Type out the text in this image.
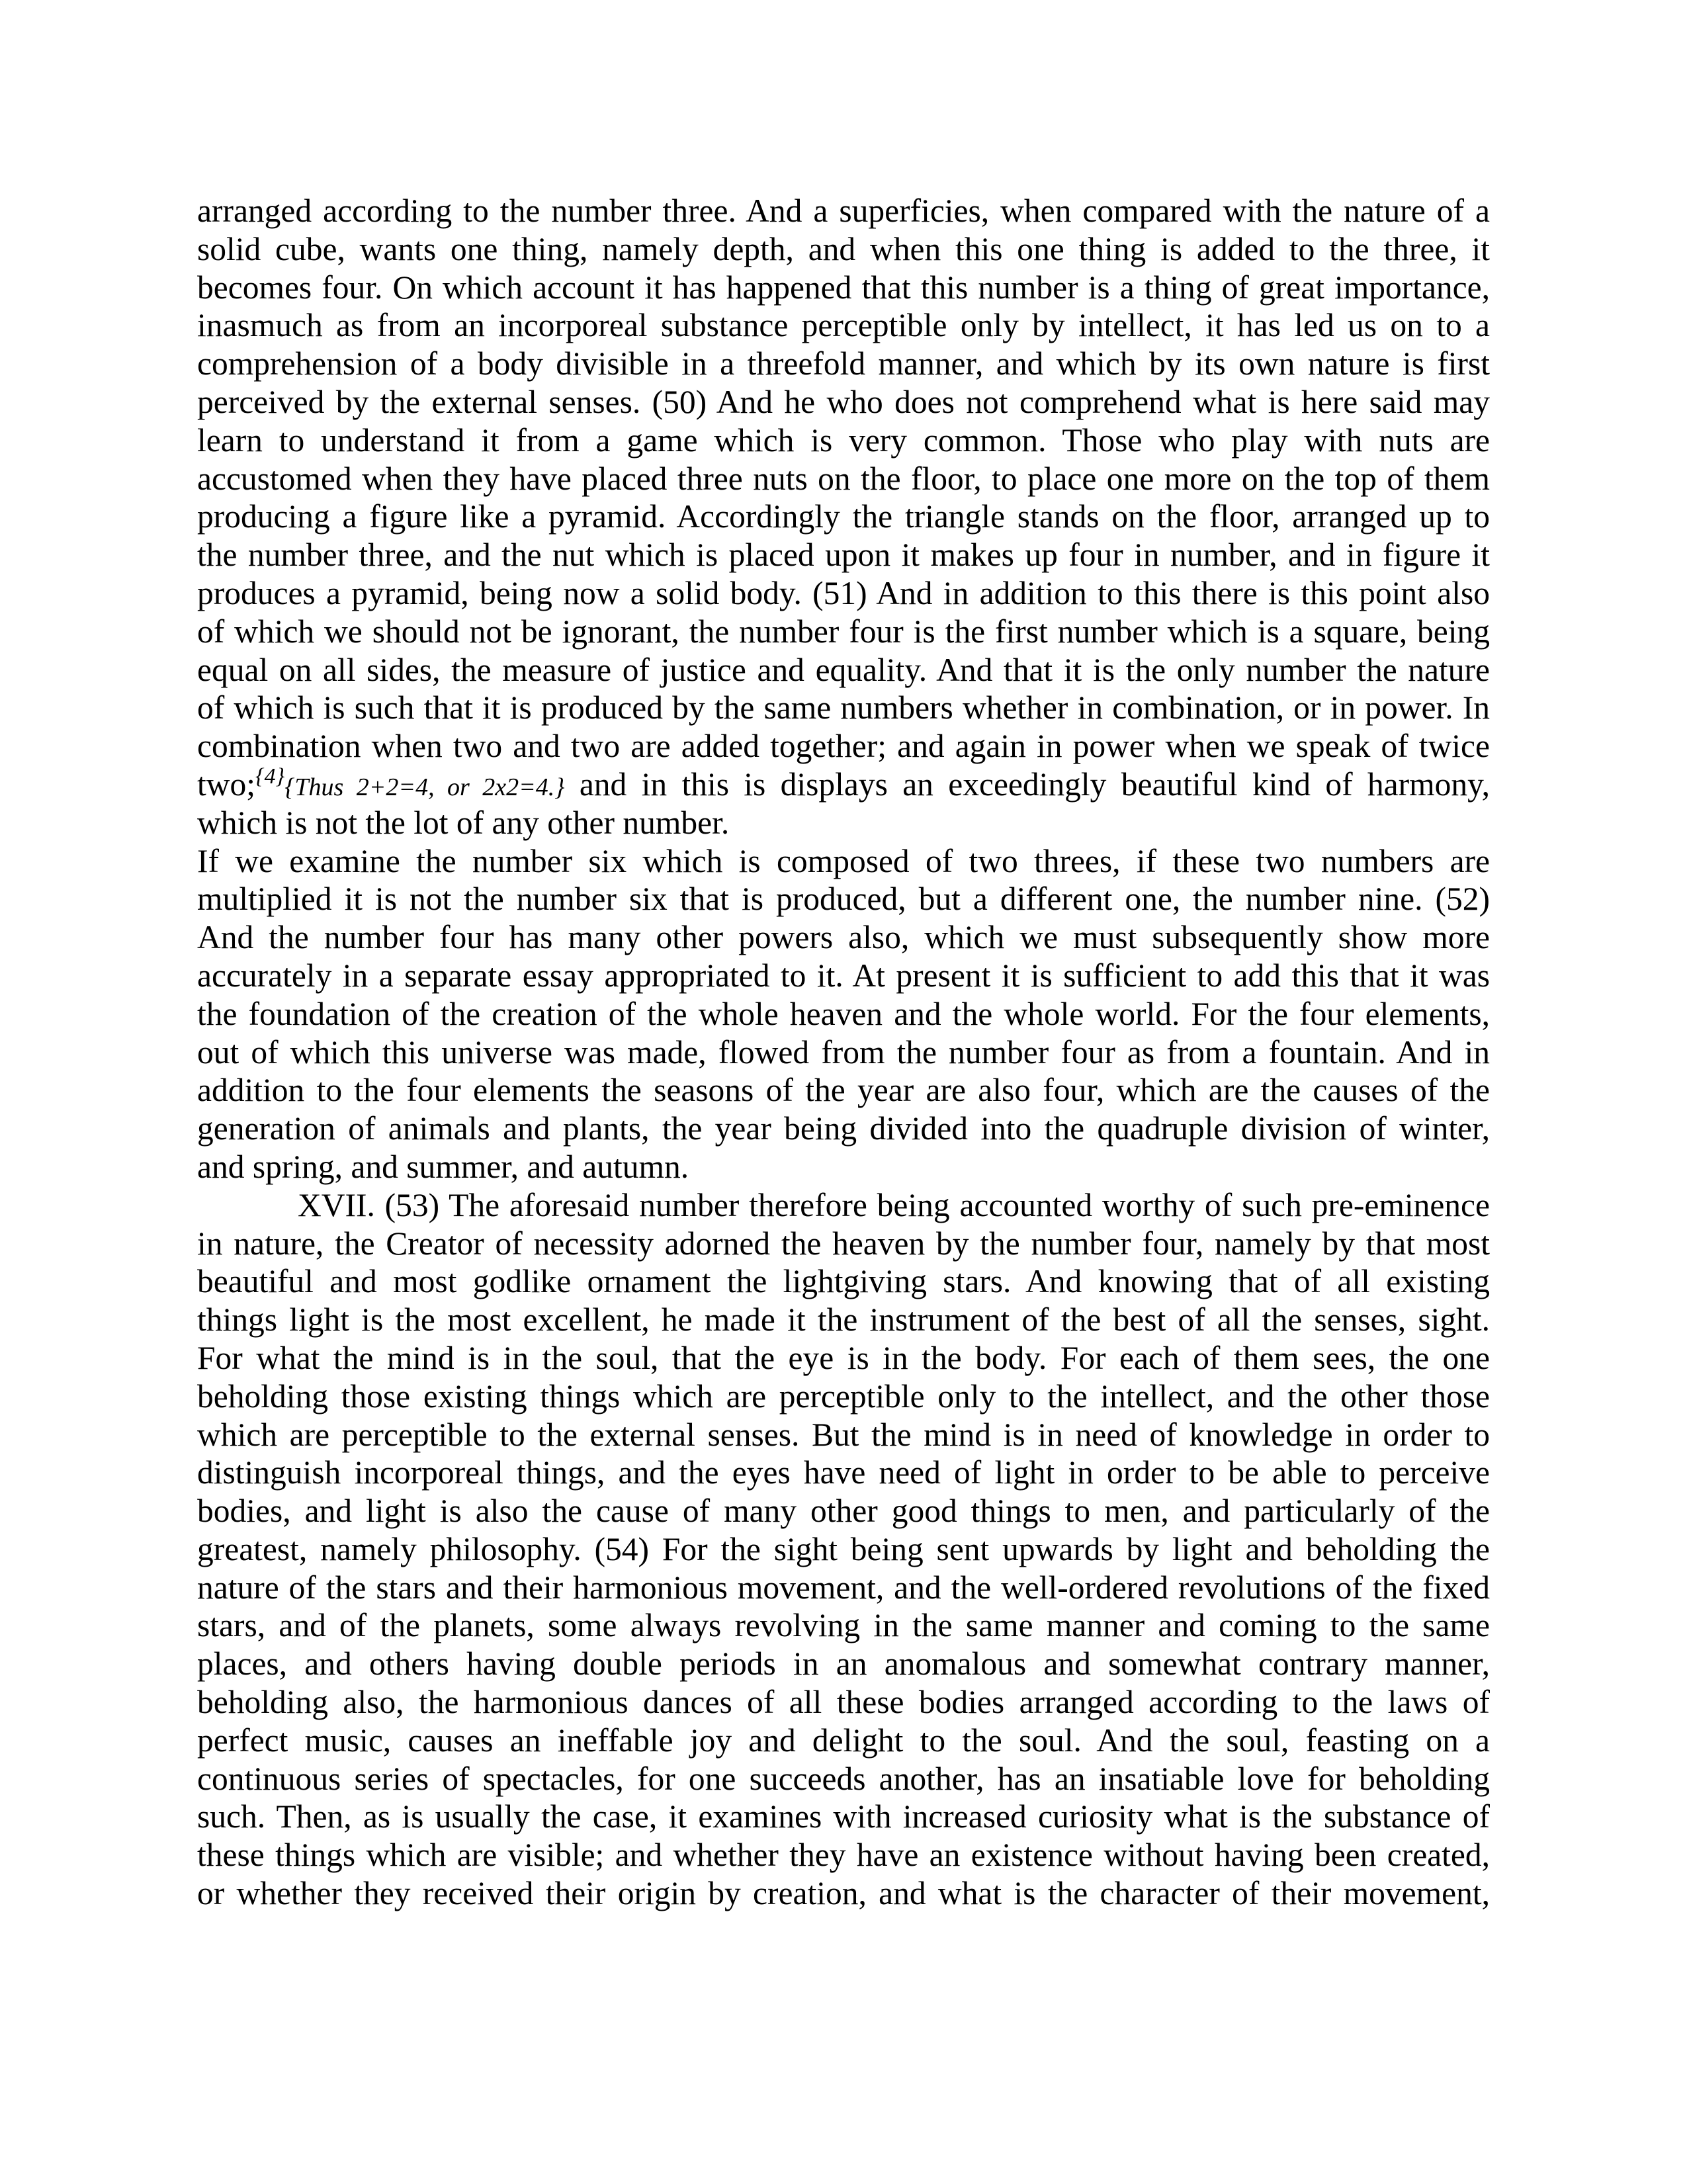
arranged according to the number three. And a superficies, when compared with the nature of a
solid cube, wants one thing, namely depth, and when this one thing is added to the three, it
becomes four. On which account it has happened that this number is a thing of great importance,
inasmuch as from an incorporeal substance perceptible only by intellect, it has led us on to a
comprehension of a body divisible in a threefold manner, and which by its own nature is first
perceived by the external senses. (50) And he who does not comprehend what is here said may
learn to understand it from a game which is very common. Those who play with nuts are
accustomed when they have placed three nuts on the floor, to place one more on the top of them
producing a figure like a pyramid. Accordingly the triangle stands on the floor, arranged up to
the number three, and the nut which is placed upon it makes up four in number, and in figure it
produces a pyramid, being now a solid body. (51) And in addition to this there is this point also
of which we should not be ignorant, the number four is the first number which is a square, being
equal on all sides, the measure of justice and equality. And that it is the only number the nature
of which is such that it is produced by the same numbers whether in combination, or in power. In
combination when two and two are added together; and again in power when we speak of twice
two;$^{\{4\}}${Thus 2+2=4, or 2x2=4.} and in this is displays an exceedingly beautiful kind of harmony,
which is not the lot of any other number.
If we examine the number six which is composed of two threes, if these two numbers are
multiplied it is not the number six that is produced, but a different one, the number nine. (52)
And the number four has many other powers also, which we must subsequently show more
accurately in a separate essay appropriated to it. At present it is sufficient to add this that it was
the foundation of the creation of the whole heaven and the whole world. For the four elements,
out of which this universe was made, flowed from the number four as from a fountain. And in
addition to the four elements the seasons of the year are also four, which are the causes of the
generation of animals and plants, the year being divided into the quadruple division of winter,
and spring, and summer, and autumn.
XVII. (53) The aforesaid number therefore being accounted worthy of such pre-eminence
in nature, the Creator of necessity adorned the heaven by the number four, namely by that most
beautiful and most godlike ornament the lightgiving stars. And knowing that of all existing
things light is the most excellent, he made it the instrument of the best of all the senses, sight.
For what the mind is in the soul, that the eye is in the body. For each of them sees, the one
beholding those existing things which are perceptible only to the intellect, and the other those
which are perceptible to the external senses. But the mind is in need of knowledge in order to
distinguish incorporeal things, and the eyes have need of light in order to be able to perceive
bodies, and light is also the cause of many other good things to men, and particularly of the
greatest, namely philosophy. (54) For the sight being sent upwards by light and beholding the
nature of the stars and their harmonious movement, and the well-ordered revolutions of the fixed
stars, and of the planets, some always revolving in the same manner and coming to the same
places, and others having double periods in an anomalous and somewhat contrary manner,
beholding also, the harmonious dances of all these bodies arranged according to the laws of
perfect music, causes an ineffable joy and delight to the soul. And the soul, feasting on a
continuous series of spectacles, for one succeeds another, has an insatiable love for beholding
such. Then, as is usually the case, it examines with increased curiosity what is the substance of
these things which are visible; and whether they have an existence without having been created,
or whether they received their origin by creation, and what is the character of their movement,
